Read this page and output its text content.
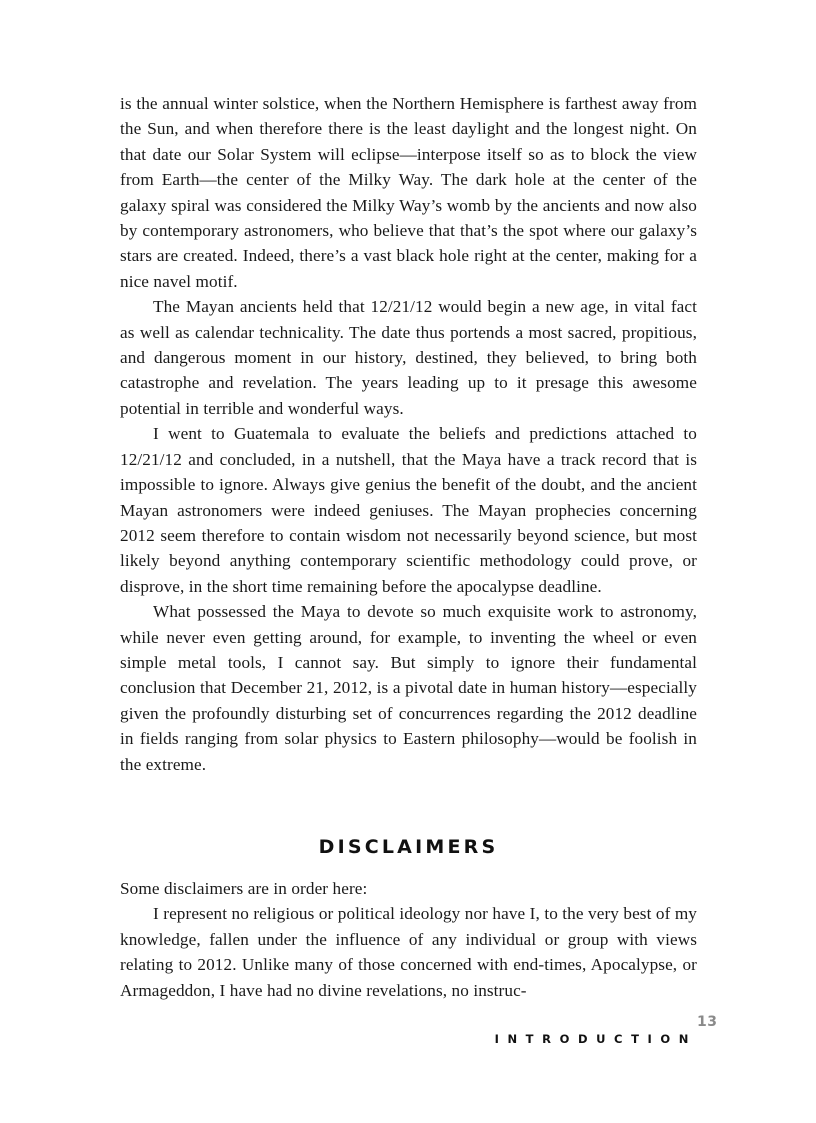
is the annual winter solstice, when the Northern Hemisphere is farthest away from the Sun, and when therefore there is the least daylight and the longest night. On that date our Solar System will eclipse—interpose itself so as to block the view from Earth—the center of the Milky Way. The dark hole at the center of the galaxy spiral was considered the Milky Way’s womb by the ancients and now also by contemporary astronomers, who believe that that’s the spot where our galaxy’s stars are created. Indeed, there’s a vast black hole right at the center, making for a nice navel motif.

The Mayan ancients held that 12/21/12 would begin a new age, in vital fact as well as calendar technicality. The date thus portends a most sacred, propitious, and dangerous moment in our history, destined, they believed, to bring both catastrophe and revelation. The years leading up to it presage this awesome potential in terrible and wonderful ways.

I went to Guatemala to evaluate the beliefs and predictions attached to 12/21/12 and concluded, in a nutshell, that the Maya have a track record that is impossible to ignore. Always give genius the benefit of the doubt, and the ancient Mayan astronomers were indeed geniuses. The Mayan prophecies concerning 2012 seem therefore to contain wisdom not necessarily beyond science, but most likely beyond anything contemporary scientific methodology could prove, or disprove, in the short time remaining before the apocalypse deadline.

What possessed the Maya to devote so much exquisite work to astronomy, while never even getting around, for example, to inventing the wheel or even simple metal tools, I cannot say. But simply to ignore their fundamental conclusion that December 21, 2012, is a pivotal date in human history—especially given the profoundly disturbing set of concurrences regarding the 2012 deadline in fields ranging from solar physics to Eastern philosophy—would be foolish in the extreme.

DISCLAIMERS

Some disclaimers are in order here:

I represent no religious or political ideology nor have I, to the very best of my knowledge, fallen under the influence of any individual or group with views relating to 2012. Unlike many of those concerned with end-times, Apocalypse, or Armageddon, I have had no divine revelations, no instruc-

13
INTRODUCTION
